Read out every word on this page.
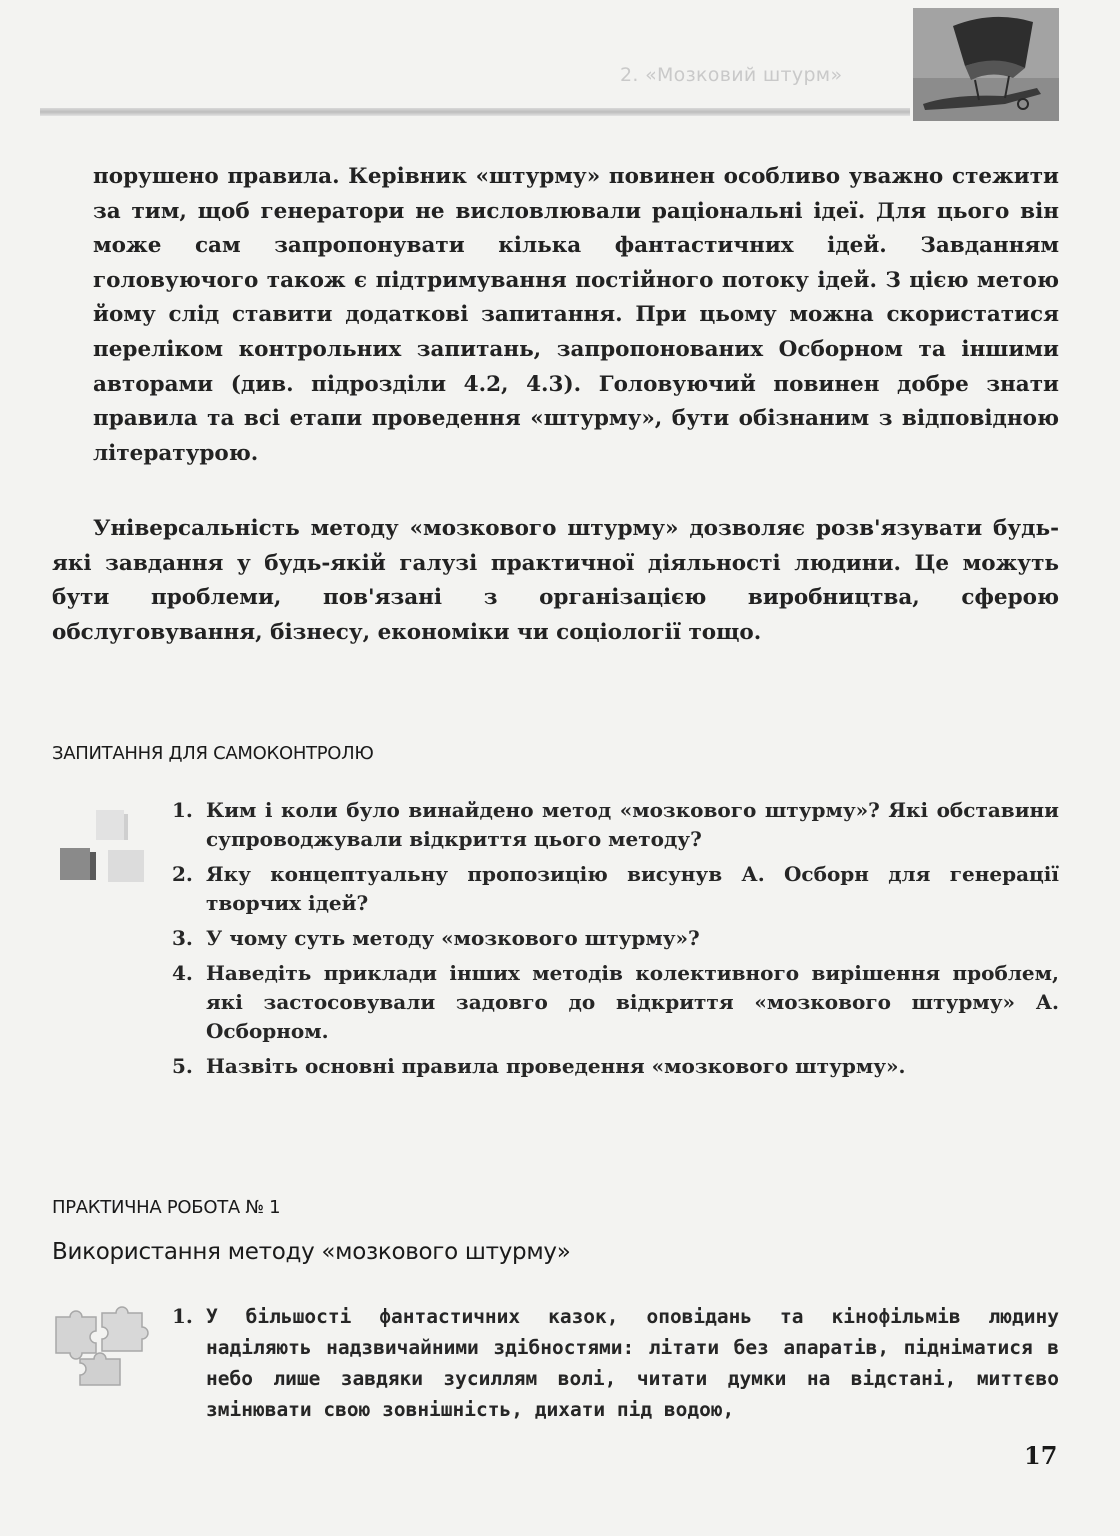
2. «Мозковий штурм»

порушено правила. Керівник «штурму» повинен особливо уважно стежити за тим, щоб генератори не висловлювали раціональні ідеї. Для цього він може сам запропонувати кілька фантастичних ідей. Завданням головуючого також є підтримування постійного потоку ідей. З цією метою йому слід ставити додаткові запитання. При цьому можна скористатися переліком контрольних запитань, запропонованих Осборном та іншими авторами (див. підрозділи 4.2, 4.3). Головуючий повинен добре знати правила та всі етапи проведення «штурму», бути обізнаним з відповідною літературою.

Універсальність методу «мозкового штурму» дозволяє розв'язувати будь-які завдання у будь-якій галузі практичної діяльності людини. Це можуть бути проблеми, пов'язані з організацією виробництва, сферою обслуговування, бізнесу, економіки чи соціології тощо.

ЗАПИТАННЯ ДЛЯ САМОКОНТРОЛЮ
1. Ким і коли було винайдено метод «мозкового штурму»? Які обставини супроводжували відкриття цього методу?
2. Яку концептуальну пропозицію висунув А. Осборн для генерації творчих ідей?
3. У чому суть методу «мозкового штурму»?
4. Наведіть приклади інших методів колективного вирішення проблем, які застосовували задовго до відкриття «мозкового штурму» А. Осборном.
5. Назвіть основні правила проведення «мозкового штурму».
ПРАКТИЧНА РОБОТА № 1
Використання методу «мозкового штурму»
1. У більшості фантастичних казок, оповідань та кінофільмів людину наділяють надзвичайними здібностями: літати без апаратів, підніматися в небо лише завдяки зусиллям волі, читати думки на відстані, миттєво змінювати свою зовнішність, дихати під водою,
17
